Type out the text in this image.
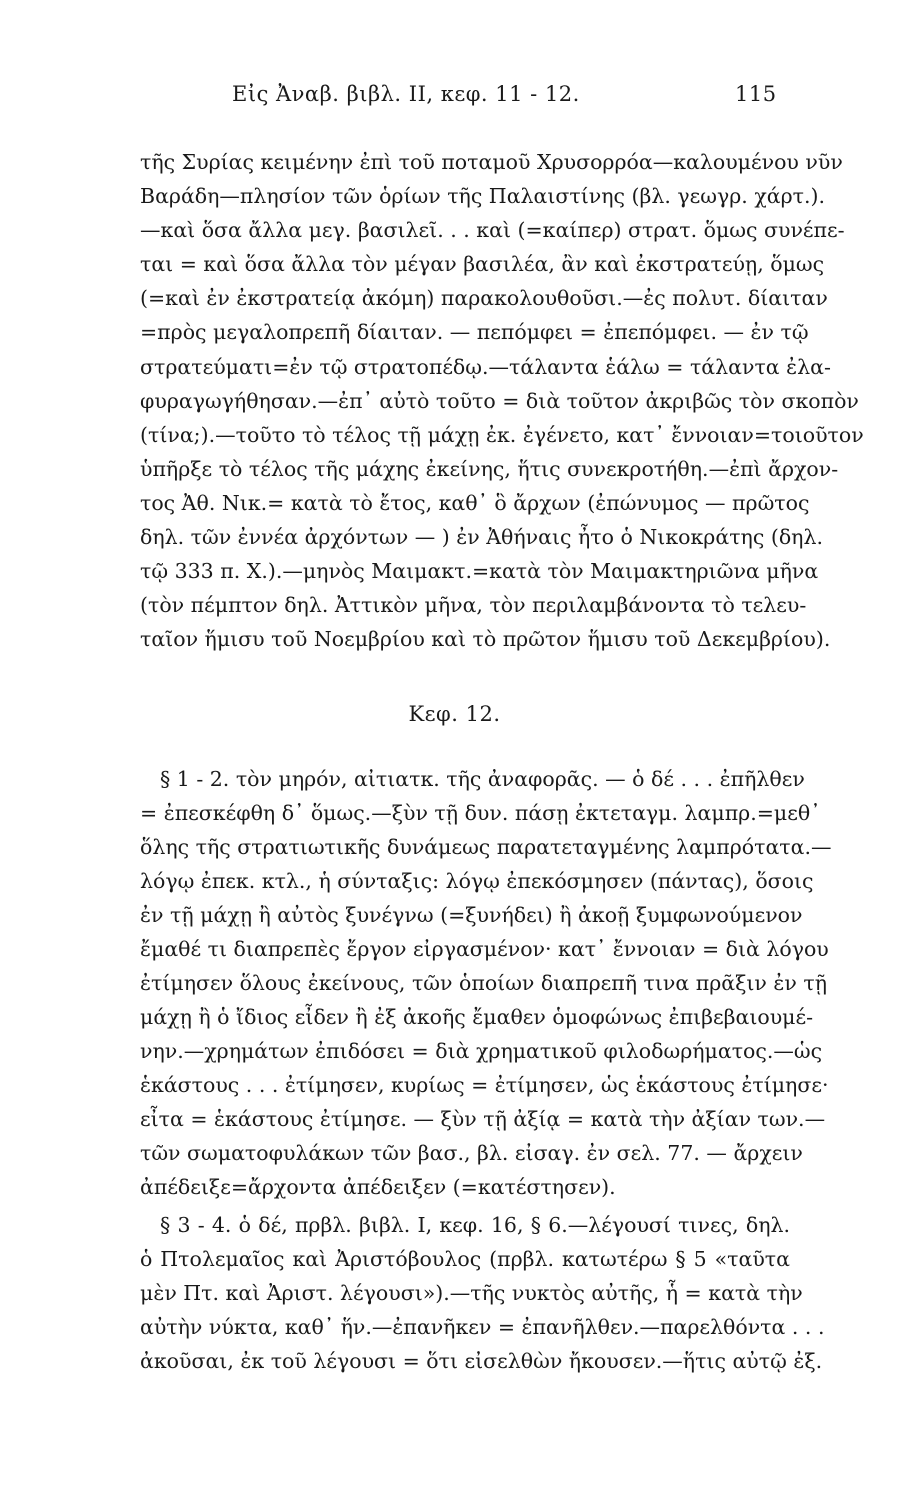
Εἰς Ἀναβ. βιβλ. ΙΙ, κεφ. 11 - 12.	115
τῆς Συρίας κειμένην ἐπὶ τοῦ ποταμοῦ Χρυσορρόα—καλουμένου νῦν
Βαράδη—πλησίον τῶν ὁρίων τῆς Παλαιστίνης (βλ. γεωγρ. χάρτ.).
—καὶ ὅσα ἄλλα μεγ. βασιλεῖ. . . καὶ (=καίπερ) στρατ. ὅμως συνέπε-
ται = καὶ ὅσα ἄλλα τὸν μέγαν βασιλέα, ἂν καὶ ἐκστρατεύῃ, ὅμως
(=καὶ ἐν ἐκστρατείᾳ ἀκόμη) παρακολουθοῦσι.—ἐς πολυτ. δίαιταν
=πρὸς μεγαλοπρεπῆ δίαιταν. — πεπόμφει = ἐπεπόμφει. — ἐν τῷ
στρατεύματι=ἐν τῷ στρατοπέδῳ.—τάλαντα ἑάλω = τάλαντα ἐλα-
φυραγωγήθησαν.—ἐπ᾽ αὐτὸ τοῦτο = διὰ τοῦτον ἀκριβῶς τὸν σκοπὸν
(τίνα;).—τοῦτο τὸ τέλος τῇ μάχῃ ἐκ. ἐγένετο, κατ᾽ ἔννοιαν=τοιοῦτον
ὑπῆρξε τὸ τέλος τῆς μάχης ἐκείνης, ἥτις συνεκροτήθη.—ἐπὶ ἄρχον-
τος Ἀθ. Νικ.= κατὰ τὸ ἔτος, καθ᾽ ὃ ἄρχων (ἐπώνυμος — πρῶτος
δηλ. τῶν ἐννέα ἀρχόντων — ) ἐν Ἀθήναις ἦτο ὁ Νικοκράτης (δηλ.
τῷ 333 π. Χ.).—μηνὸς Μαιμακτ.=κατὰ τὸν Μαιμακτηριῶνα μῆνα
(τὸν πέμπτον δηλ. Ἀττικὸν μῆνα, τὸν περιλαμβάνοντα τὸ τελευ-
ταῖον ἥμισυ τοῦ Νοεμβρίου καὶ τὸ πρῶτον ἥμισυ τοῦ Δεκεμβρίου).
Κεφ. 12.
§ 1 - 2. τὸν μηρόν, αἰτιατκ. τῆς ἀναφορᾶς. — ὁ δέ . . . ἐπῆλθεν
= ἐπεσκέφθη δ᾽ ὅμως.—ξὺν τῇ δυν. πάσῃ ἐκτεταγμ. λαμπρ.=μεθ᾽
ὅλης τῆς στρατιωτικῆς δυνάμεως παρατεταγμένης λαμπρότατα.—
λόγῳ ἐπεκ. κτλ., ἡ σύνταξις: λόγῳ ἐπεκόσμησεν (πάντας), ὅσοις
ἐν τῇ μάχῃ ἢ αὐτὸς ξυνέγνω (=ξυνήδει) ἢ ἀκοῇ ξυμφωνούμενον
ἔμαθέ τι διαπρεπὲς ἔργον εἰργασμένον· κατ᾽ ἔννοιαν = διὰ λόγου
ἐτίμησεν ὅλους ἐκείνους, τῶν ὁποίων διαπρεπῆ τινα πρᾶξιν ἐν τῇ
μάχῃ ἢ ὁ ἴδιος εἶδεν ἢ ἐξ ἀκοῆς ἔμαθεν ὁμοφώνως ἐπιβεβαιουμέ-
νην.—χρημάτων ἐπιδόσει = διὰ χρηματικοῦ φιλοδωρήματος.—ὡς
ἑκάστους . . . ἐτίμησεν, κυρίως = ἐτίμησεν, ὡς ἑκάστους ἐτίμησε·
εἶτα = ἑκάστους ἐτίμησε. — ξὺν τῇ ἀξίᾳ = κατὰ τὴν ἀξίαν των.—
τῶν σωματοφυλάκων τῶν βασ., βλ. εἰσαγ. ἐν σελ. 77. — ἄρχειν
ἀπέδειξε=ἄρχοντα ἀπέδειξεν (=κατέστησεν).
§ 3 - 4. ὁ δέ, πρβλ. βιβλ. Ι, κεφ. 16, § 6.—λέγουσί τινες, δηλ.
ὁ Πτολεμαῖος καὶ Ἀριστόβουλος (πρβλ. κατωτέρω § 5 «ταῦτα
μὲν Πτ. καὶ Ἀριστ. λέγουσι»).—τῆς νυκτὸς αὐτῆς, ἧ = κατὰ τὴν
αὐτὴν νύκτα, καθ᾽ ἥν.—ἐπανῆκεν = ἐπανῆλθεν.—παρελθόντα . . .
ἀκοῦσαι, ἐκ τοῦ λέγουσι = ὅτι εἰσελθὼν ἤκουσεν.—ἥτις αὐτῷ ἐξ.
